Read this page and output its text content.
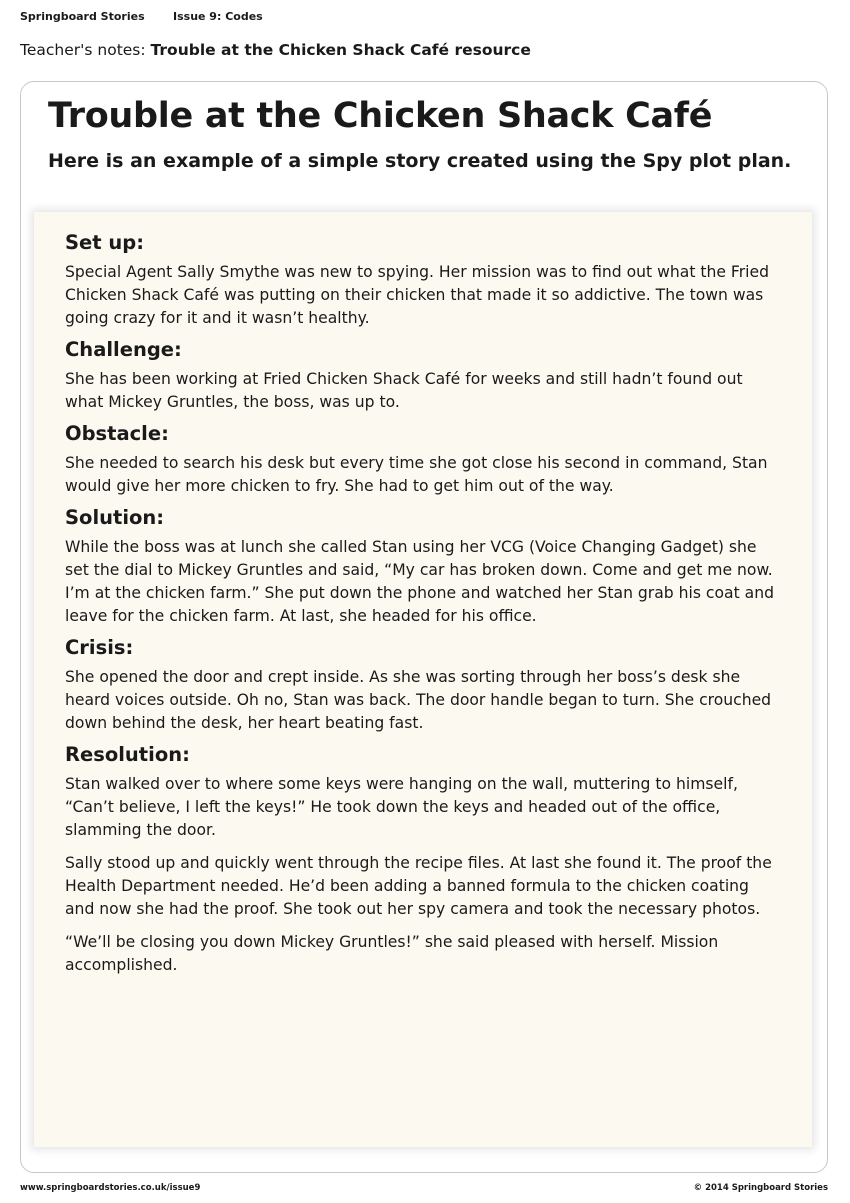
Springboard Stories	Issue 9: Codes
Teacher's notes: Trouble at the Chicken Shack Café resource
Trouble at the Chicken Shack Café
Here is an example of a simple story created using the Spy plot plan.
Set up:

Special Agent Sally Smythe was new to spying. Her mission was to find out what the Fried Chicken Shack Café was putting on their chicken that made it so addictive. The town was going crazy for it and it wasn’t healthy.

Challenge:

She has been working at Fried Chicken Shack Café for weeks and still hadn’t found out what Mickey Gruntles, the boss, was up to.

Obstacle:

She needed to search his desk but every time she got close his second in command, Stan would give her more chicken to fry. She had to get him out of the way.

Solution:

While the boss was at lunch she called Stan using her VCG (Voice Changing Gadget) she set the dial to Mickey Gruntles and said, “My car has broken down. Come and get me now. I’m at the chicken farm.” She put down the phone and watched her Stan grab his coat and leave for the chicken farm. At last, she headed for his office.

Crisis:

She opened the door and crept inside. As she was sorting through her boss’s desk she heard voices outside. Oh no, Stan was back. The door handle began to turn. She crouched down behind the desk, her heart beating fast.

Resolution:

Stan walked over to where some keys were hanging on the wall, muttering to himself, “Can’t believe, I left the keys!” He took down the keys and headed out of the office, slamming the door.

Sally stood up and quickly went through the recipe files. At last she found it. The proof the Health Department needed. He’d been adding a banned formula to the chicken coating and now she had the proof. She took out her spy camera and took the necessary photos.

“We’ll be closing you down Mickey Gruntles!” she said pleased with herself. Mission accomplished.

www.springboardstories.co.uk/issue9	© 2014 Springboard Stories
